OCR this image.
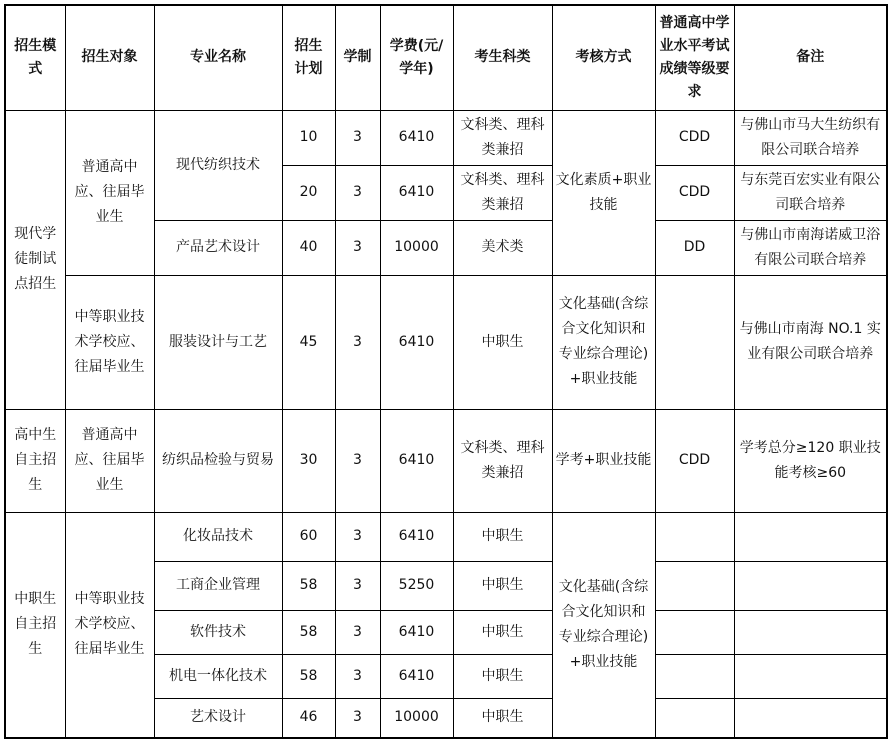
招生模式	招生对象	专业名称	招生计划	学制	学费(元/学年)	考生科类	考核方式	普通高中学业水平考试成绩等级要求	备注
现代学徒制试点招生	普通高中应、往届毕业生	现代纺织技术	10	3	6410	文科类、理科类兼招	文化素质+职业技能	CDD	与佛山市马大生纺织有限公司联合培养
			20	3	6410	文科类、理科类兼招		CDD	与东莞百宏实业有限公司联合培养
		产品艺术设计	40	3	10000	美术类		DD	与佛山市南海诺威卫浴有限公司联合培养
	中等职业技术学校应、往届毕业生	服装设计与工艺	45	3	6410	中职生	文化基础(含综合文化知识和专业综合理论)+职业技能		与佛山市南海 NO.1 实业有限公司联合培养
高中生自主招生	普通高中应、往届毕业生	纺织品检验与贸易	30	3	6410	文科类、理科类兼招	学考+职业技能	CDD	学考总分≥120 职业技能考核≥60
中职生自主招生	中等职业技术学校应、往届毕业生	化妆品技术	60	3	6410	中职生	文化基础(含综合文化知识和专业综合理论)+职业技能		
		工商企业管理	58	3	5250	中职生			
		软件技术	58	3	6410	中职生			
		机电一体化技术	58	3	6410	中职生			
		艺术设计	46	3	10000	中职生			
